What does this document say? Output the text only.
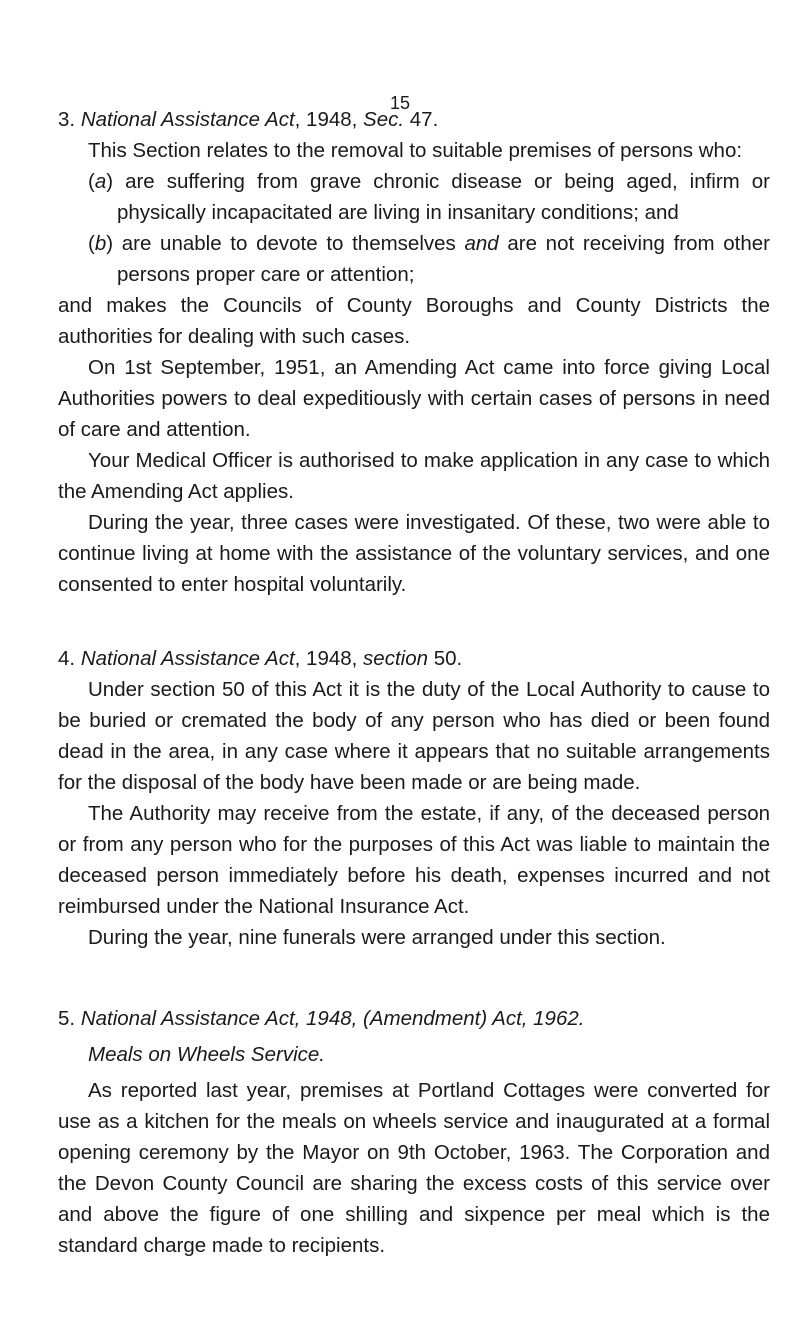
15
3. National Assistance Act, 1948, Sec. 47.

This Section relates to the removal to suitable premises of persons who:

(a) are suffering from grave chronic disease or being aged, infirm or physically incapacitated are living in insanitary conditions; and

(b) are unable to devote to themselves and are not receiving from other persons proper care or attention;

and makes the Councils of County Boroughs and County Districts the authorities for dealing with such cases.

On 1st September, 1951, an Amending Act came into force giving Local Authorities powers to deal expeditiously with certain cases of persons in need of care and attention.

Your Medical Officer is authorised to make application in any case to which the Amending Act applies.

During the year, three cases were investigated. Of these, two were able to continue living at home with the assistance of the voluntary services, and one consented to enter hospital voluntarily.

4. National Assistance Act, 1948, section 50.

Under section 50 of this Act it is the duty of the Local Authority to cause to be buried or cremated the body of any person who has died or been found dead in the area, in any case where it appears that no suitable arrangements for the disposal of the body have been made or are being made.

The Authority may receive from the estate, if any, of the deceased person or from any person who for the purposes of this Act was liable to maintain the deceased person immediately before his death, expenses incurred and not reimbursed under the National Insurance Act.

During the year, nine funerals were arranged under this section.

5. National Assistance Act, 1948, (Amendment) Act, 1962.
Meals on Wheels Service.

As reported last year, premises at Portland Cottages were converted for use as a kitchen for the meals on wheels service and inaugurated at a formal opening ceremony by the Mayor on 9th October, 1963. The Corporation and the Devon County Council are sharing the excess costs of this service over and above the figure of one shilling and sixpence per meal which is the standard charge made to recipients.
